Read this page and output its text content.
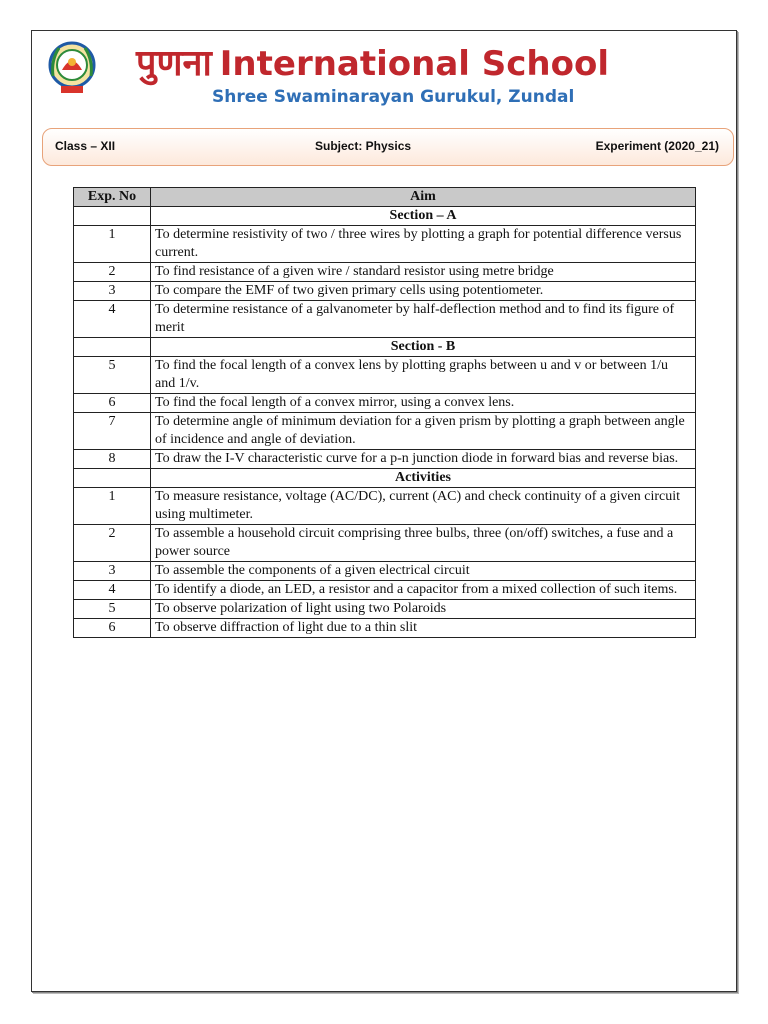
पुणना International School
Shree Swaminarayan Gurukul, Zundal
Class – XII	Subject: Physics	Experiment (2020_21)
Exp. No	Aim
	Section – A
1	To determine resistivity of two / three wires by plotting a graph for potential difference versus current.
2	To find resistance of a given wire / standard resistor using metre bridge
3	To compare the EMF of two given primary cells using potentiometer.
4	To determine resistance of a galvanometer by half-deflection method and to find its figure of merit
	Section - B
5	To find the focal length of a convex lens by plotting graphs between u and v or between 1/u and 1/v.
6	To find the focal length of a convex mirror, using a convex lens.
7	To determine angle of minimum deviation for a given prism by plotting a graph between angle of incidence and angle of deviation.
8	To draw the I-V characteristic curve for a p-n junction diode in forward bias and reverse bias.
	Activities
1	To measure resistance, voltage (AC/DC), current (AC) and check continuity of a given circuit using multimeter.
2	To assemble a household circuit comprising three bulbs, three (on/off) switches, a fuse and a power source
3	To assemble the components of a given electrical circuit
4	To identify a diode, an LED, a resistor and a capacitor from a mixed collection of such items.
5	To observe polarization of light using two Polaroids
6	To observe diffraction of light due to a thin slit
